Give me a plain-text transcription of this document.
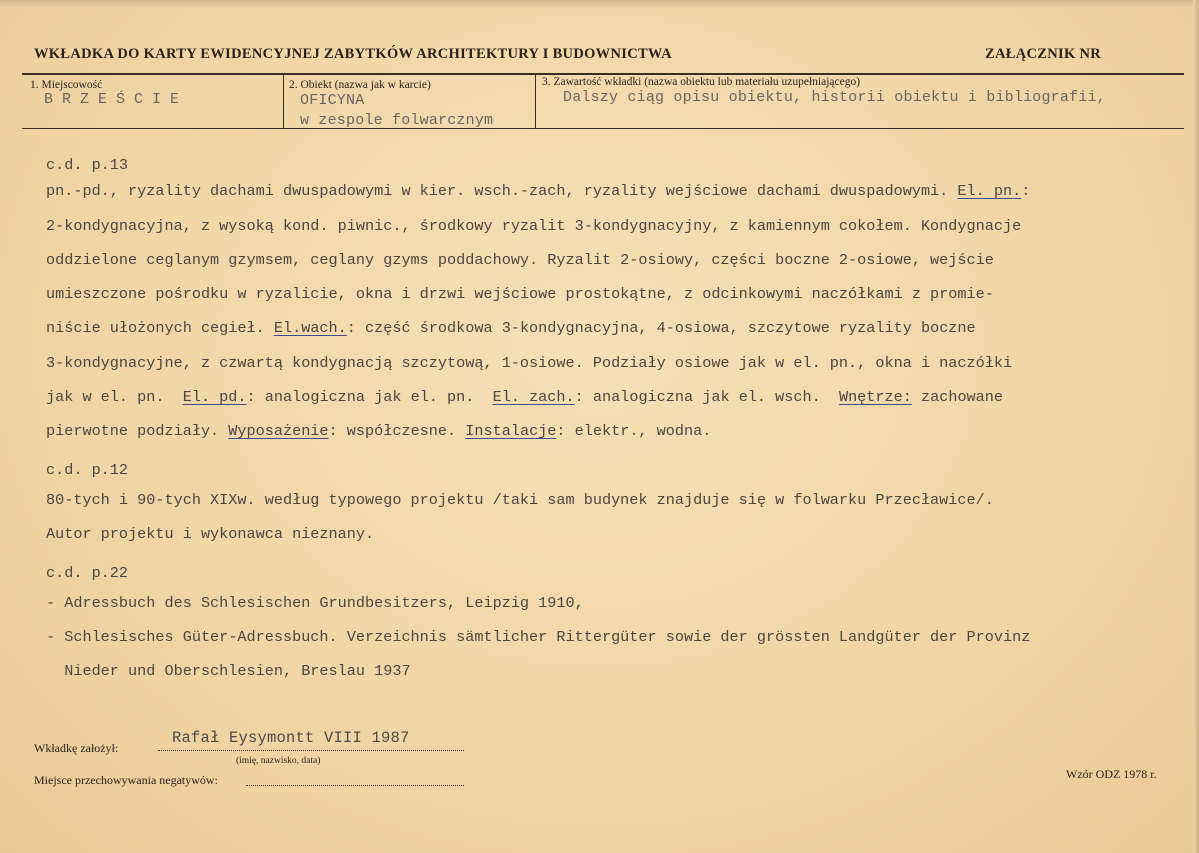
WKŁADKA DO KARTY EWIDENCYJNEJ ZABYTKÓW ARCHITEKTURY I BUDOWNICTWA	ZAŁĄCZNIK NR
1. Miejscowość
BRZEŚCIE
2. Obiekt (nazwa jak w karcie)
OFICYNA
w zespole folwarcznym
3. Zawartość wkładki (nazwa obiektu lub materiału uzupełniającego)
Dalszy ciąg opisu obiektu, historii obiektu i bibliografii,
c.d. p.13
pn.-pd., ryzality dachami dwuspadowymi w kier. wsch.-zach, ryzality wejściowe dachami dwuspadowymi. El. pn.:
2-kondygnacyjna, z wysoką kond. piwnic., środkowy ryzalit 3-kondygnacyjny, z kamiennym cokołem. Kondygnacje
oddzielone ceglanym gzymsem, ceglany gzyms poddachowy. Ryzalit 2-osiowy, części boczne 2-osiowe, wejście
umieszczone pośrodku w ryzalicie, okna i drzwi wejściowe prostokątne, z odcinkowymi naczółkami z promie-
niście ułożonych cegieł. El.wach.: część środkowa 3-kondygnacyjna, 4-osiowa, szczytowe ryzality boczne
3-kondygnacyjne, z czwartą kondygnacją szczytową, 1-osiowe. Podziały osiowe jak w el. pn., okna i naczółki
jak w el. pn.  El. pd.: analogiczna jak el. pn.  El. zach.: analogiczna jak el. wsch.  Wnętrze: zachowane
pierwotne podziały. Wyposażenie: współczesne. Instalacje: elektr., wodna.
c.d. p.12
80-tych i 90-tych XIXw. według typowego projektu /taki sam budynek znajduje się w folwarku Przecławice/.
Autor projektu i wykonawca nieznany.
c.d. p.22
- Adressbuch des Schlesischen Grundbesitzers, Leipzig 1910,
- Schlesisches Güter-Adressbuch. Verzeichnis sämtlicher Rittergüter sowie der grössten Landgüter der Provinz
Nieder und Oberschlesien, Breslau 1937
Wkładkę założył:
Rafał Eysymontt VIII 1987
(imię, nazwisko, data)
Miejsce przechowywania negatywów:	Wzór ODZ 1978 r.
